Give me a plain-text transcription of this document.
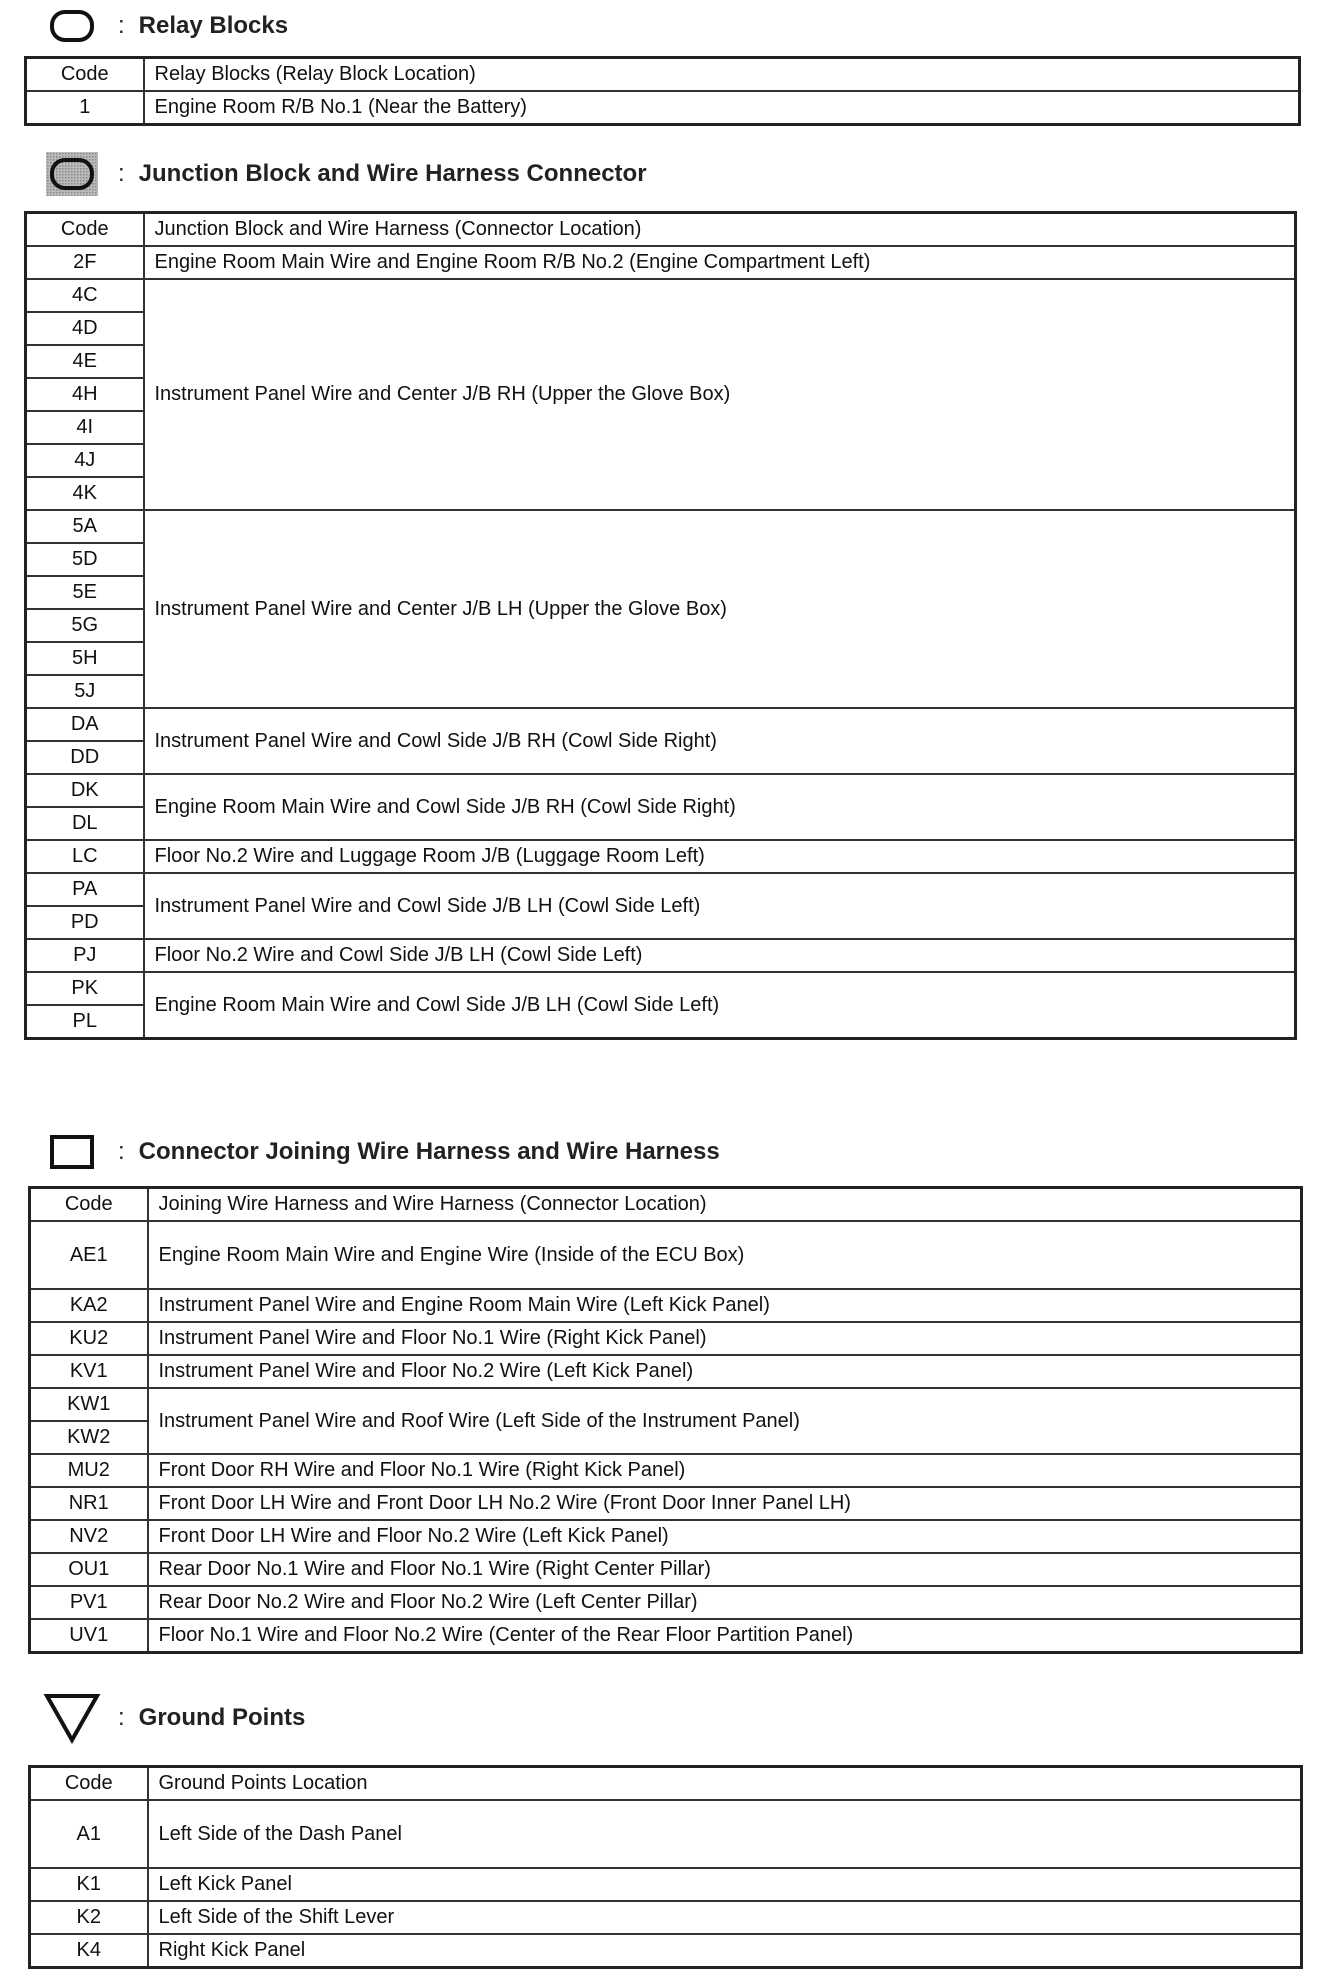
: Relay Blocks
Code	Relay Blocks (Relay Block Location)
1	Engine Room R/B No.1 (Near the Battery)
: Junction Block and Wire Harness Connector
Code	Junction Block and Wire Harness (Connector Location)
2F	Engine Room Main Wire and Engine Room R/B No.2 (Engine Compartment Left)
4C	Instrument Panel Wire and Center J/B RH (Upper the Glove Box)
4D	
4E	
4H	
4I	
4J	
4K	
5A	Instrument Panel Wire and Center J/B LH (Upper the Glove Box)
5D	
5E	
5G	
5H	
5J	
DA	Instrument Panel Wire and Cowl Side J/B RH (Cowl Side Right)
DD	
DK	Engine Room Main Wire and Cowl Side J/B RH (Cowl Side Right)
DL	
LC	Floor No.2 Wire and Luggage Room J/B (Luggage Room Left)
PA	Instrument Panel Wire and Cowl Side J/B LH (Cowl Side Left)
PD	
PJ	Floor No.2 Wire and Cowl Side J/B LH (Cowl Side Left)
PK	Engine Room Main Wire and Cowl Side J/B LH (Cowl Side Left)
PL	
: Connector Joining Wire Harness and Wire Harness
Code	Joining Wire Harness and Wire Harness (Connector Location)
AE1	Engine Room Main Wire and Engine Wire (Inside of the ECU Box)
KA2	Instrument Panel Wire and Engine Room Main Wire (Left Kick Panel)
KU2	Instrument Panel Wire and Floor No.1 Wire (Right Kick Panel)
KV1	Instrument Panel Wire and Floor No.2 Wire (Left Kick Panel)
KW1	Instrument Panel Wire and Roof Wire (Left Side of the Instrument Panel)
KW2	
MU2	Front Door RH Wire and Floor No.1 Wire (Right Kick Panel)
NR1	Front Door LH Wire and Front Door LH No.2 Wire (Front Door Inner Panel LH)
NV2	Front Door LH Wire and Floor No.2 Wire (Left Kick Panel)
OU1	Rear Door No.1 Wire and Floor No.1 Wire (Right Center Pillar)
PV1	Rear Door No.2 Wire and Floor No.2 Wire (Left Center Pillar)
UV1	Floor No.1 Wire and Floor No.2 Wire (Center of the Rear Floor Partition Panel)
: Ground Points
Code	Ground Points Location
A1	Left Side of the Dash Panel
K1	Left Kick Panel
K2	Left Side of the Shift Lever
K4	Right Kick Panel
